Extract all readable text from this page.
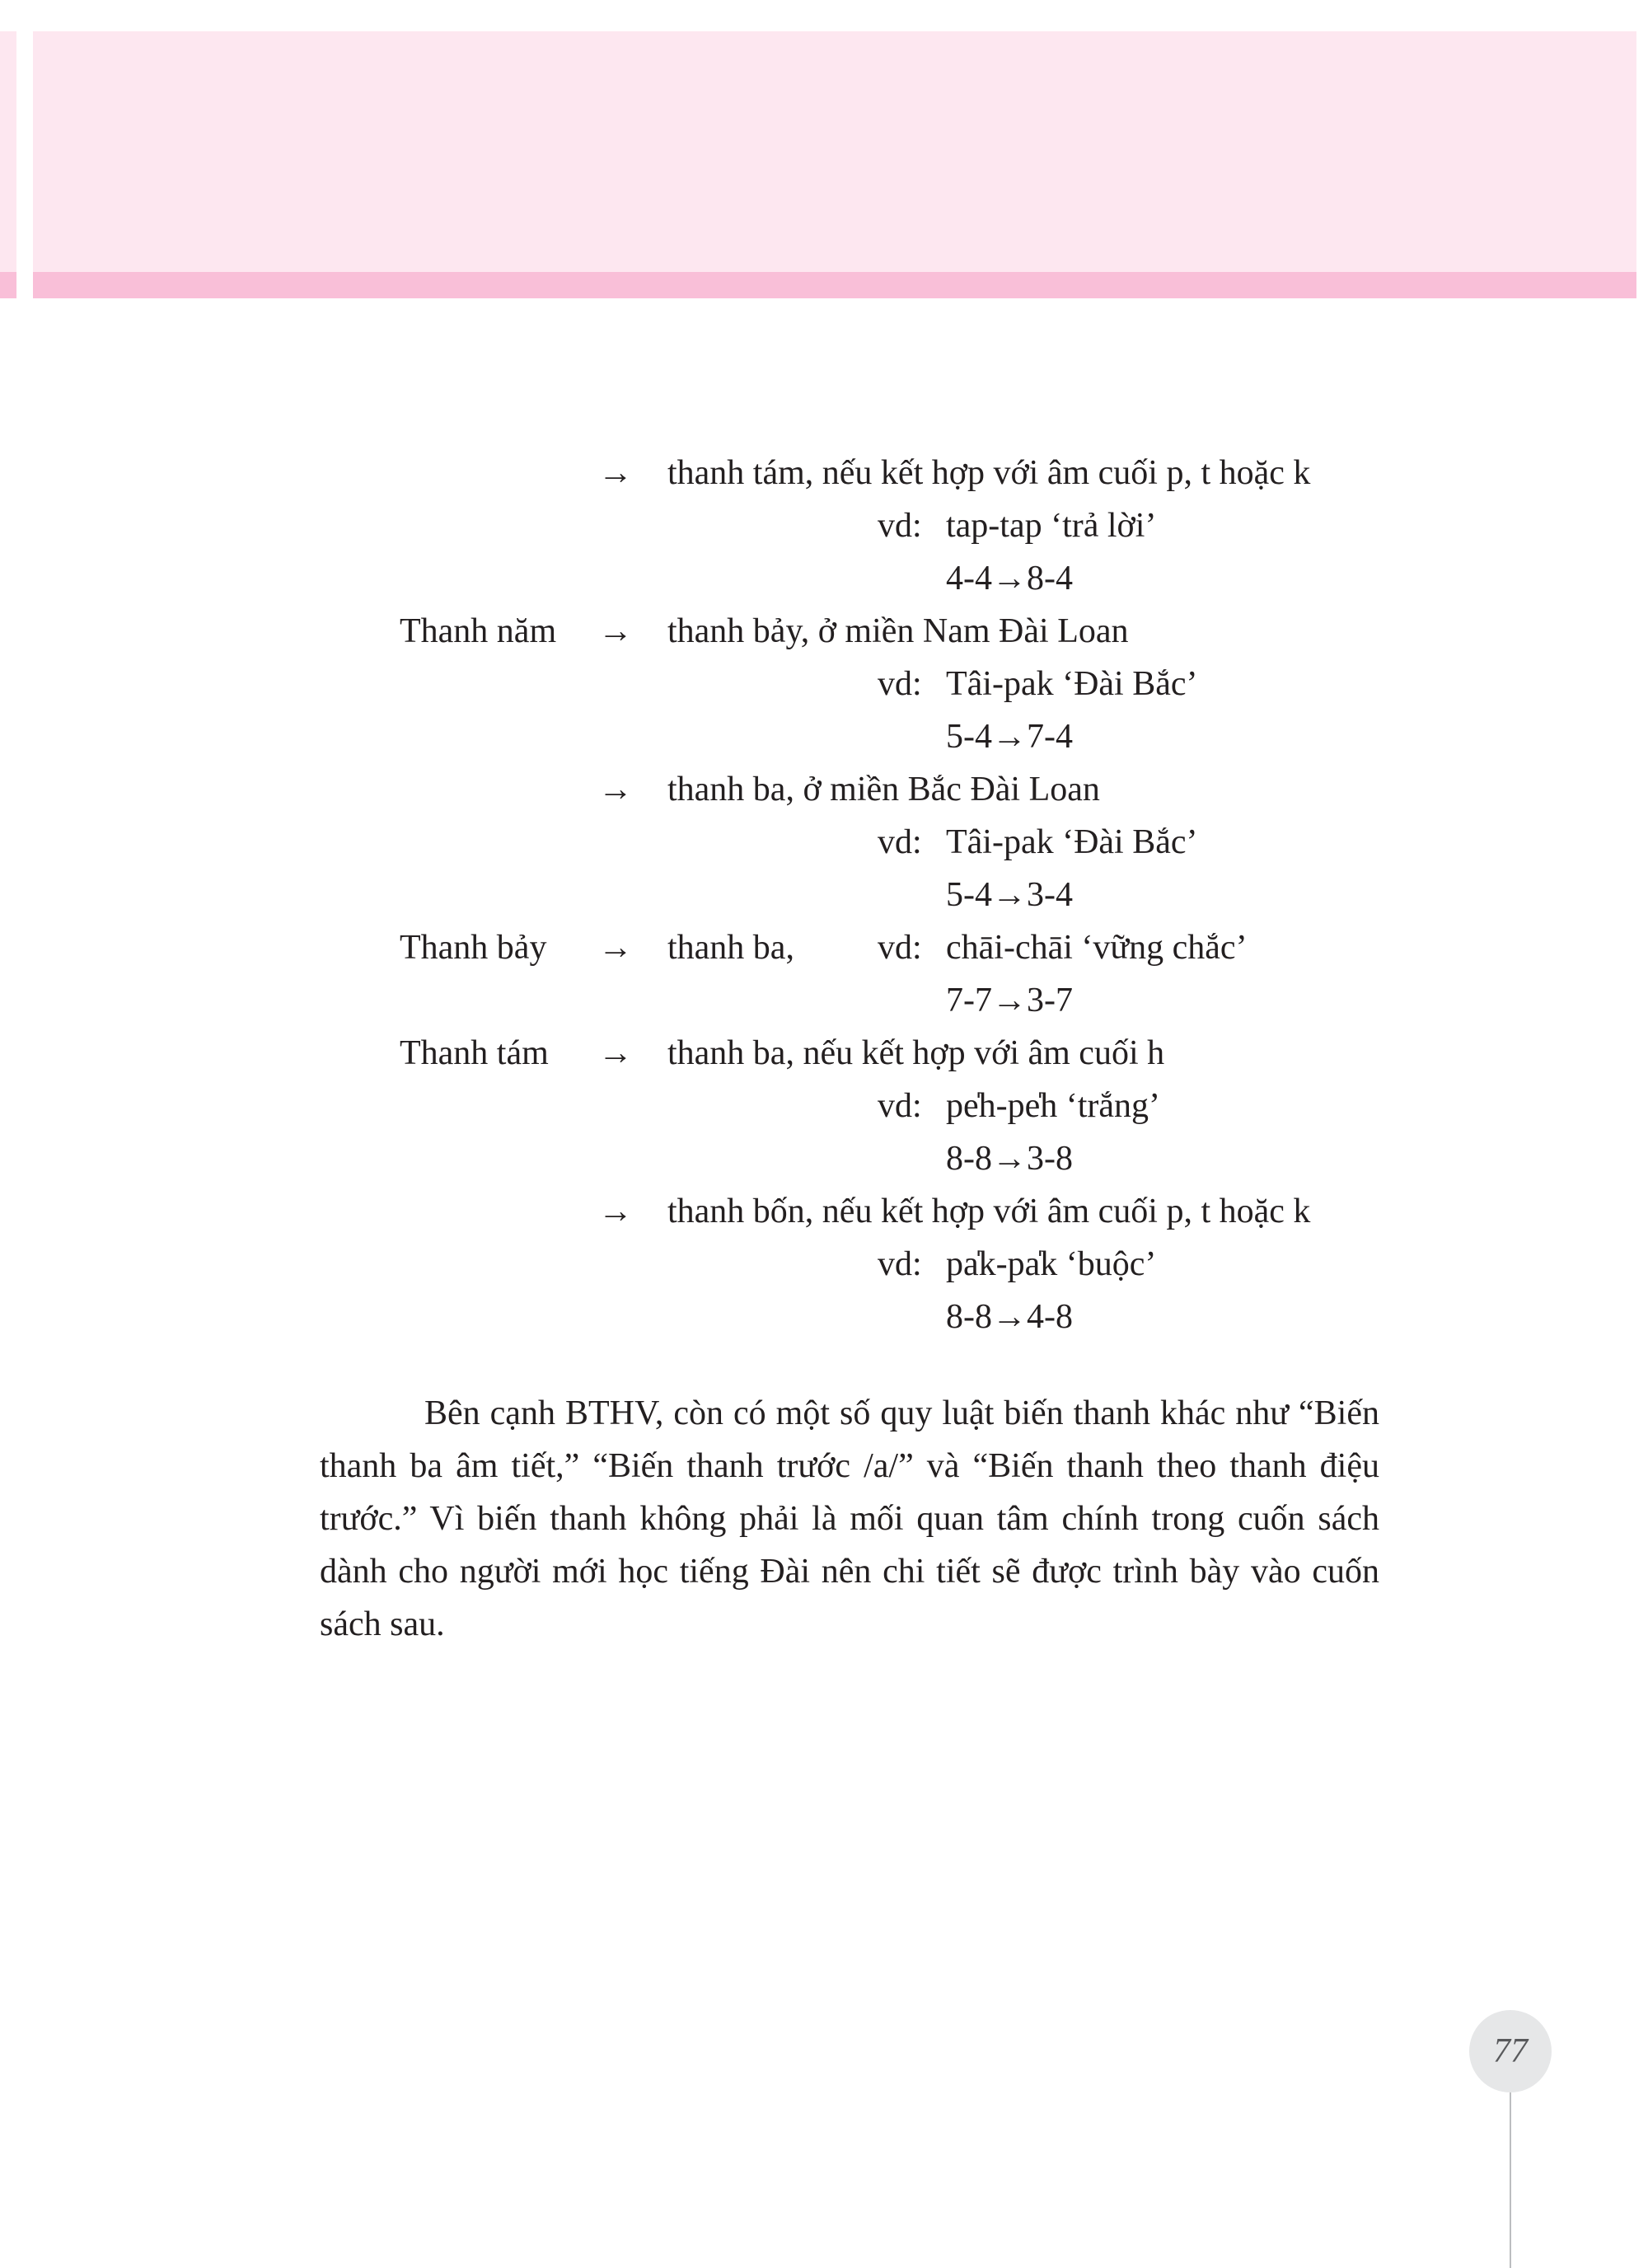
→ thanh tám, nếu kết hợp với âm cuối p, t hoặc k
vd: tap-tap ‘trả lời’
4-4→8-4
Thanh năm → thanh bảy, ở miền Nam Đài Loan
vd: Tâi-pak ‘Đài Bắc’
5-4→7-4
→ thanh ba, ở miền Bắc Đài Loan
vd: Tâi-pak ‘Đài Bắc’
5-4→3-4
Thanh bảy → thanh ba, vd: chāi-chāi ‘vững chắc’
7-7→3-7
Thanh tám → thanh ba, nếu kết hợp với âm cuối h
vd: pe̍h-pe̍h ‘trắng’
8-8→3-8
→ thanh bốn, nếu kết hợp với âm cuối p, t hoặc k
vd: pa̍k-pa̍k ‘buộc’
8-8→4-8

Bên cạnh BTHV, còn có một số quy luật biến thanh khác như “Biến thanh ba âm tiết,” “Biến thanh trước /a/” và “Biến thanh theo thanh điệu trước.” Vì biến thanh không phải là mối quan tâm chính trong cuốn sách dành cho người mới học tiếng Đài nên chi tiết sẽ được trình bày vào cuốn sách sau.

77
